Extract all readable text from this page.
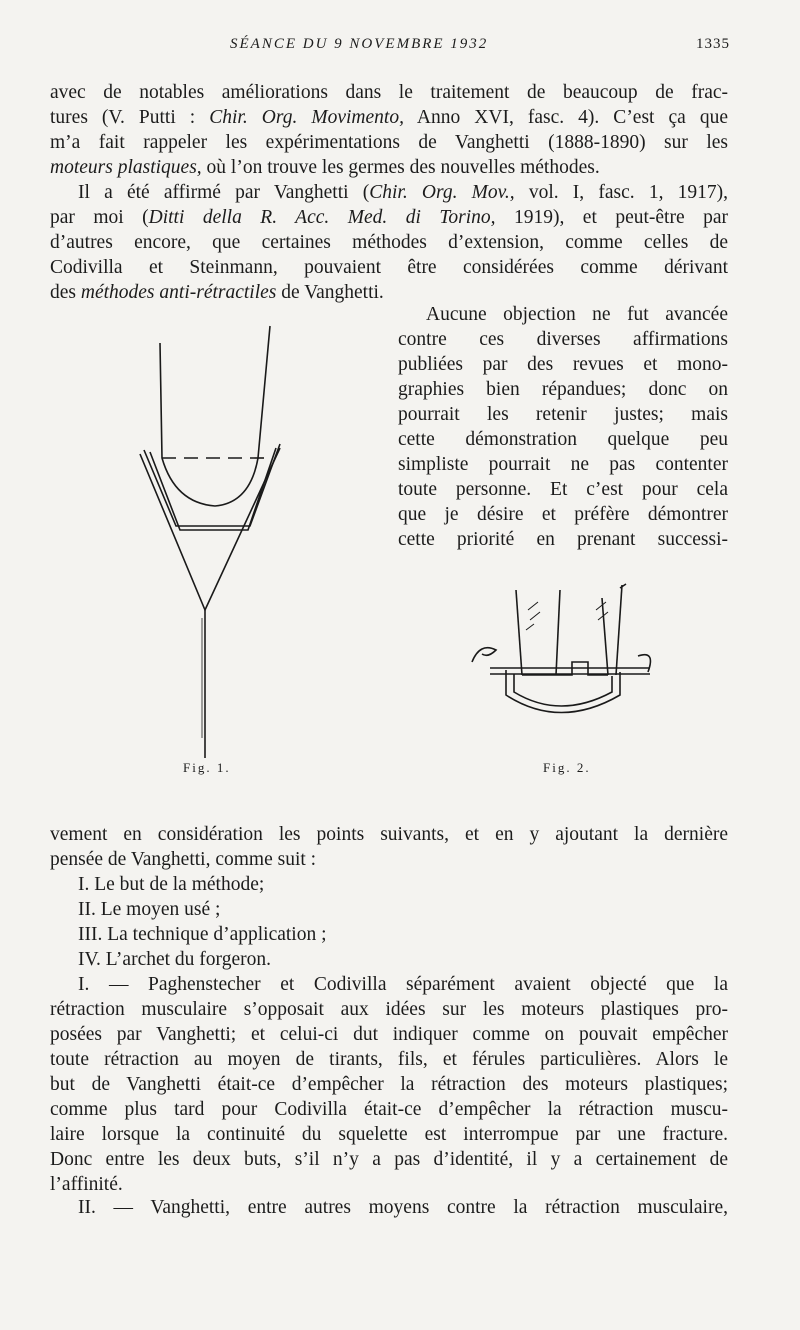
SÉANCE DU 9 NOVEMBRE 1932	1335
avec de notables améliorations dans le traitement de beaucoup de frac-
tures (V. Putti : Chir. Org. Movimento, Anno XVI, fasc. 4). C’est ça que
m’a fait rappeler les expérimentations de Vanghetti (1888-1890) sur les
moteurs plastiques, où l’on trouve les germes des nouvelles méthodes.
Il a été affirmé par Vanghetti (Chir. Org. Mov., vol. I, fasc. 1, 1917),
par moi (Ditti della R. Acc. Med. di Torino, 1919), et peut-être par
d’autres encore, que certaines méthodes d’extension, comme celles de
Codivilla et Steinmann, pouvaient être considérées comme dérivant
des méthodes anti-rétractiles de Vanghetti.
Aucune objection ne fut avancée
contre ces diverses affirmations
publiées par des revues et mono-
graphies bien répandues; donc on
pourrait les retenir justes; mais
cette démonstration quelque peu
simpliste pourrait ne pas contenter
toute personne. Et c’est pour cela
que je désire et préfère démontrer
cette priorité en prenant successi-
Fig. 1.	Fig. 2.
vement en considération les points suivants, et en y ajoutant la dernière
pensée de Vanghetti, comme suit :
I. Le but de la méthode;
II. Le moyen usé ;
III. La technique d’application ;
IV. L’archet du forgeron.
I. — Paghenstecher et Codivilla séparément avaient objecté que la
rétraction musculaire s’opposait aux idées sur les moteurs plastiques pro-
posées par Vanghetti; et celui-ci dut indiquer comme on pouvait empêcher
toute rétraction au moyen de tirants, fils, et férules particulières. Alors le
but de Vanghetti était-ce d’empêcher la rétraction des moteurs plastiques;
comme plus tard pour Codivilla était-ce d’empêcher la rétraction muscu-
laire lorsque la continuité du squelette est interrompue par une fracture.
Donc entre les deux buts, s’il n’y a pas d’identité, il y a certainement de
l’affinité.
II. — Vanghetti, entre autres moyens contre la rétraction musculaire,
